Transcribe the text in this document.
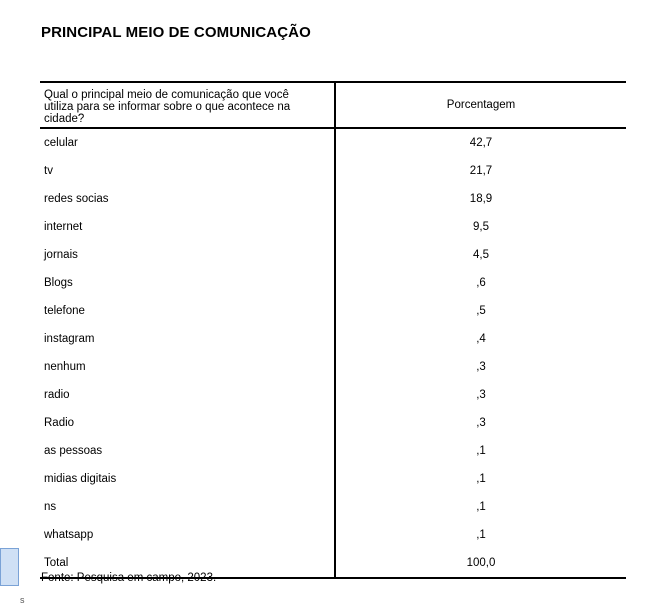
PRINCIPAL MEIO DE COMUNICAÇÃO
Qual o principal meio de comunicação que você utiliza para se informar sobre o que acontece na cidade?	Porcentagem
celular	42,7
tv	21,7
redes socias	18,9
internet	9,5
jornais	4,5
Blogs	,6
telefone	,5
instagram	,4
nenhum	,3
radio	,3
Radio	,3
as pessoas	,1
midias digitais	,1
ns	,1
whatsapp	,1
Total	100,0
Fonte: Pesquisa em campo, 2023.
s
